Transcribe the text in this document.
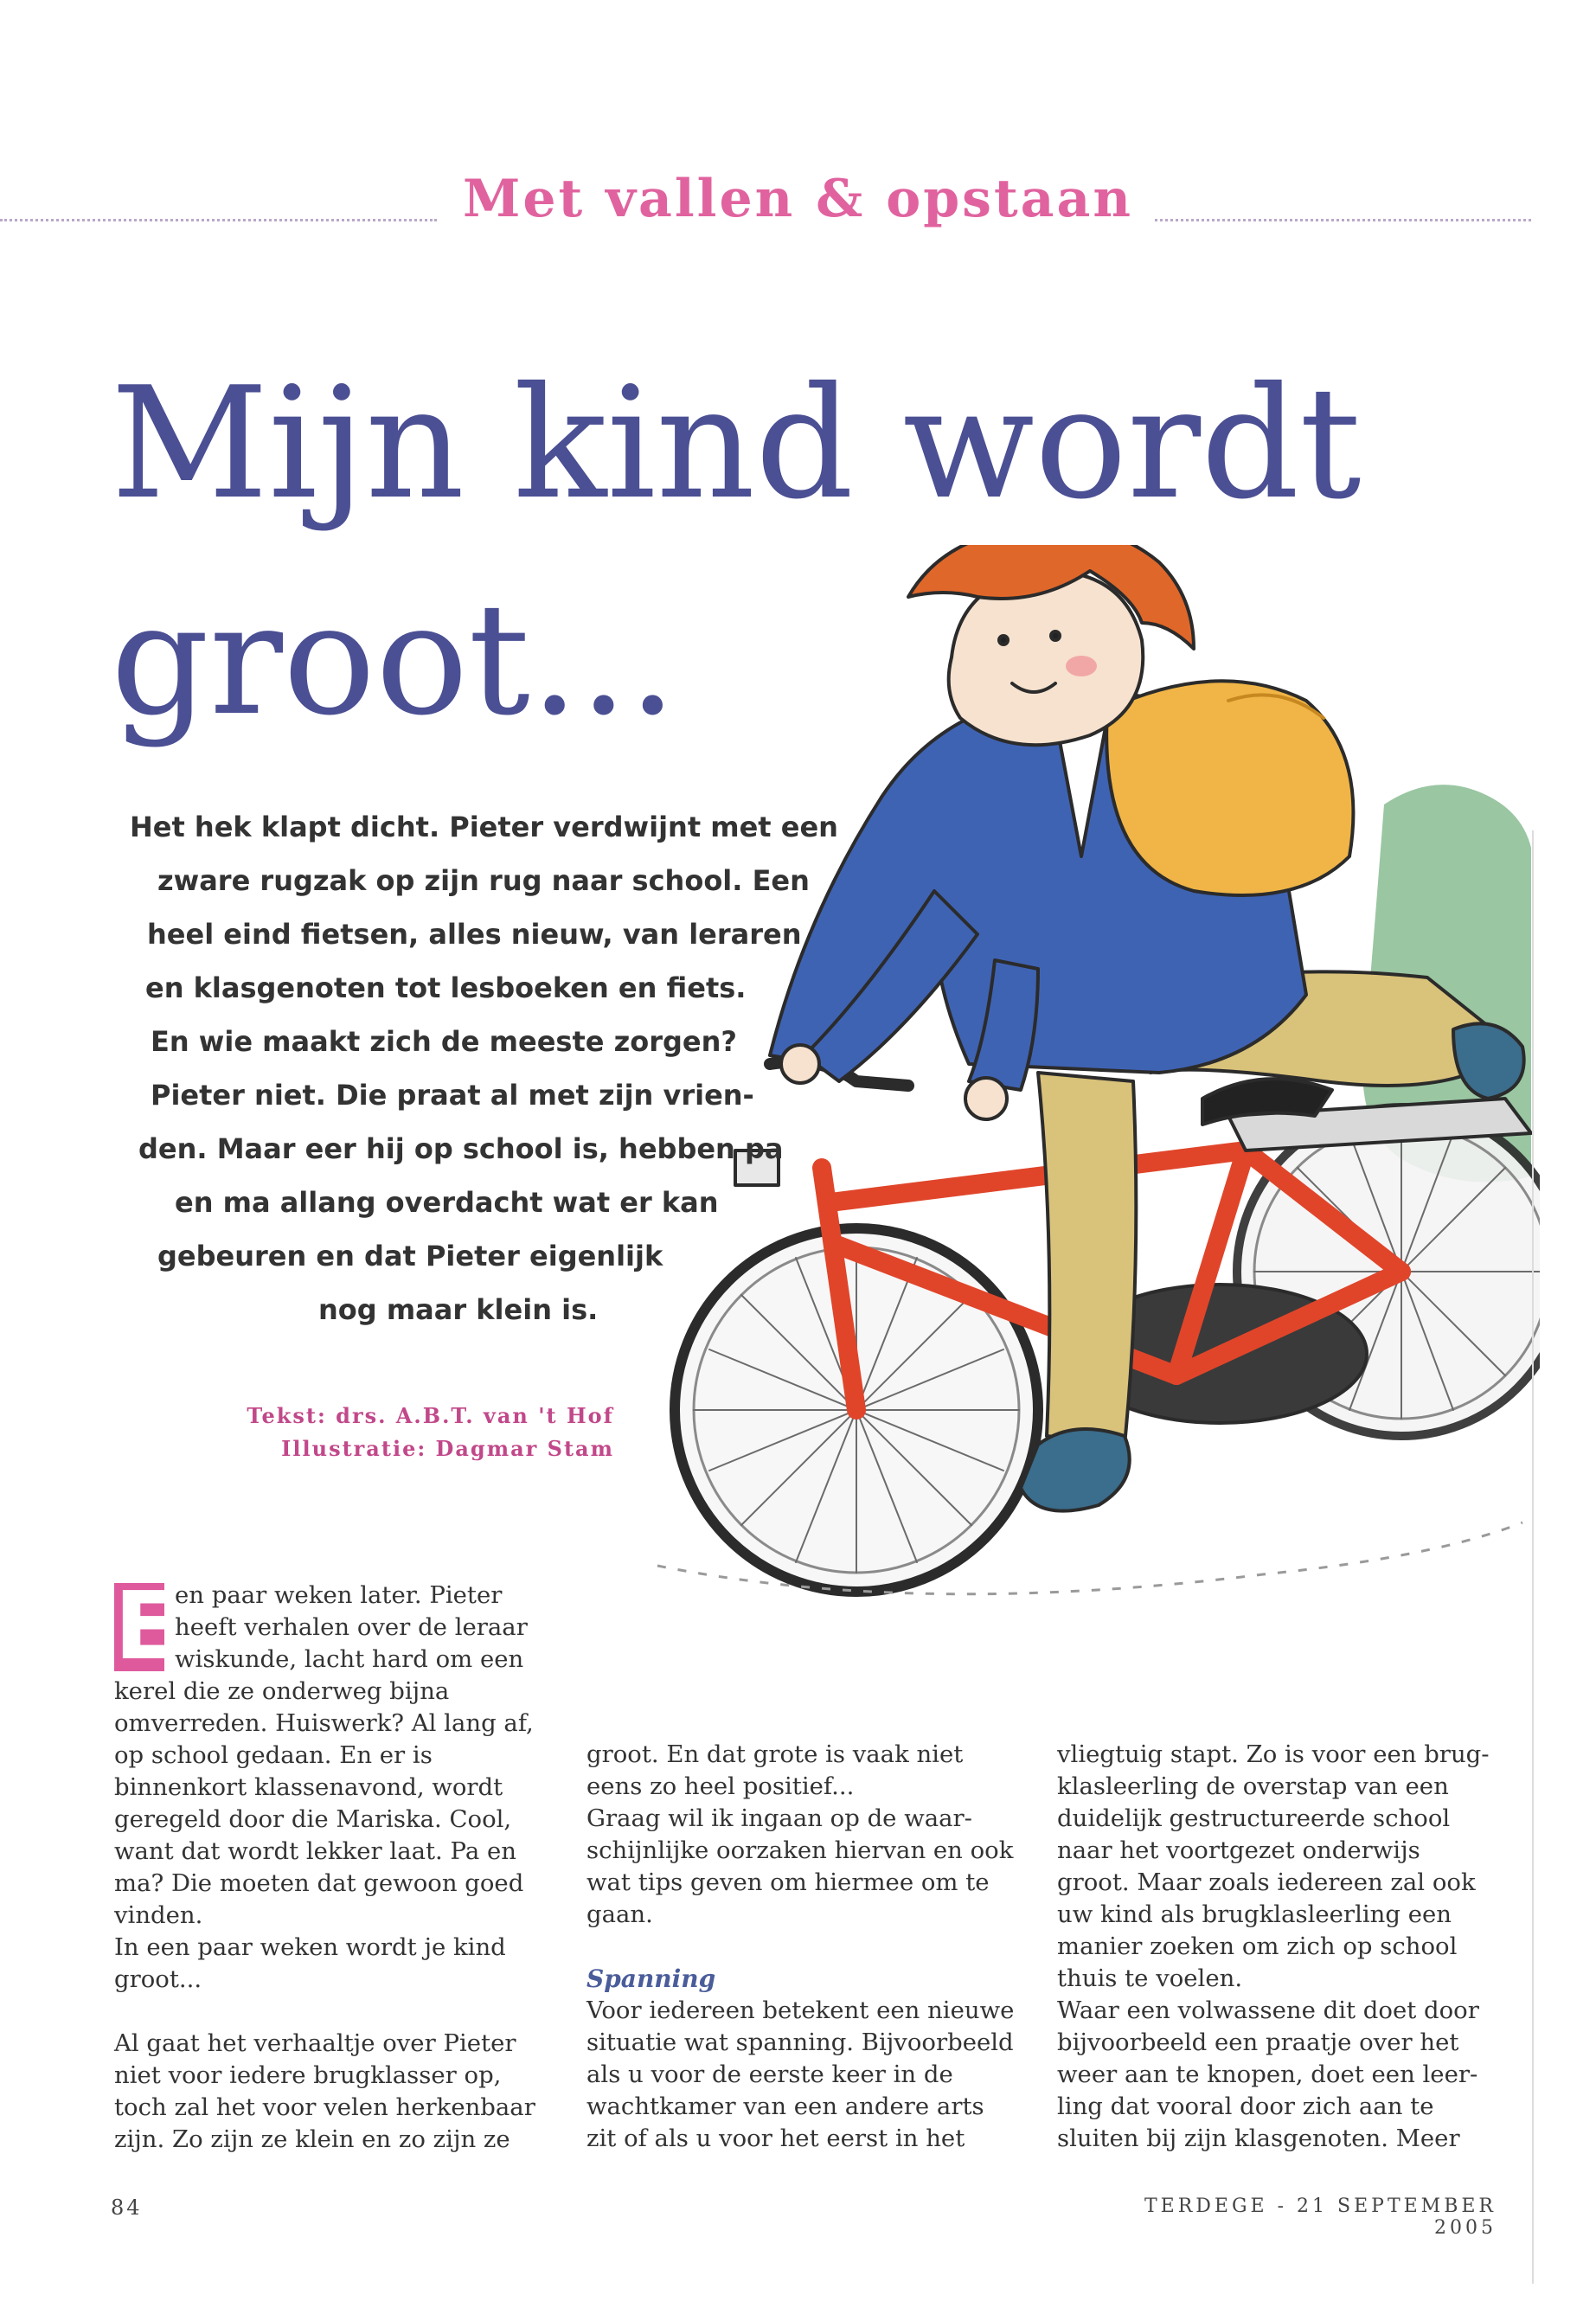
Met vallen & opstaan
Mijn kind wordt
groot...
Het hek klapt dicht. Pieter verdwijnt met een
zware rugzak op zijn rug naar school. Een
heel eind fietsen, alles nieuw, van leraren
en klasgenoten tot lesboeken en fiets.
En wie maakt zich de meeste zorgen?
Pieter niet. Die praat al met zijn vrien-
den. Maar eer hij op school is, hebben pa
en ma allang overdacht wat er kan
gebeuren en dat Pieter eigenlijk
nog maar klein is.
Tekst: drs. A.B.T. van 't Hof
Illustratie: Dagmar Stam
E

en paar weken later. Pieter heeft verhalen over de leraar wiskunde, lacht hard om een kerel die ze onderweg bijna omverreden. Huiswerk? Al lang af, op school gedaan. En er is binnenkort klassenavond, wordt geregeld door die Mariska. Cool, want dat wordt lekker laat. Pa en ma? Die moeten dat gewoon goed vinden.

In een paar weken wordt je kind groot...

Al gaat het verhaaltje over Pieter niet voor iedere brugklasser op, toch zal het voor velen herkenbaar zijn. Zo zijn ze klein en zo zijn ze

groot. En dat grote is vaak niet eens zo heel positief...

Graag wil ik ingaan op de waarschijnlijke oorzaken hiervan en ook wat tips geven om hiermee om te gaan.

Spanning

Voor iedereen betekent een nieuwe situatie wat spanning. Bijvoorbeeld als u voor de eerste keer in de wachtkamer van een andere arts zit of als u voor het eerst in het

vliegtuig stapt. Zo is voor een brugklasleerling de overstap van een duidelijk gestructureerde school naar het voortgezet onderwijs groot. Maar zoals iedereen zal ook uw kind als brugklasleerling een manier zoeken om zich op school thuis te voelen.

Waar een volwassene dit doet door bijvoorbeeld een praatje over het weer aan te knopen, doet een leerling dat vooral door zich aan te sluiten bij zijn klasgenoten. Meer

84	TERDEGE - 21 SEPTEMBER 2005
